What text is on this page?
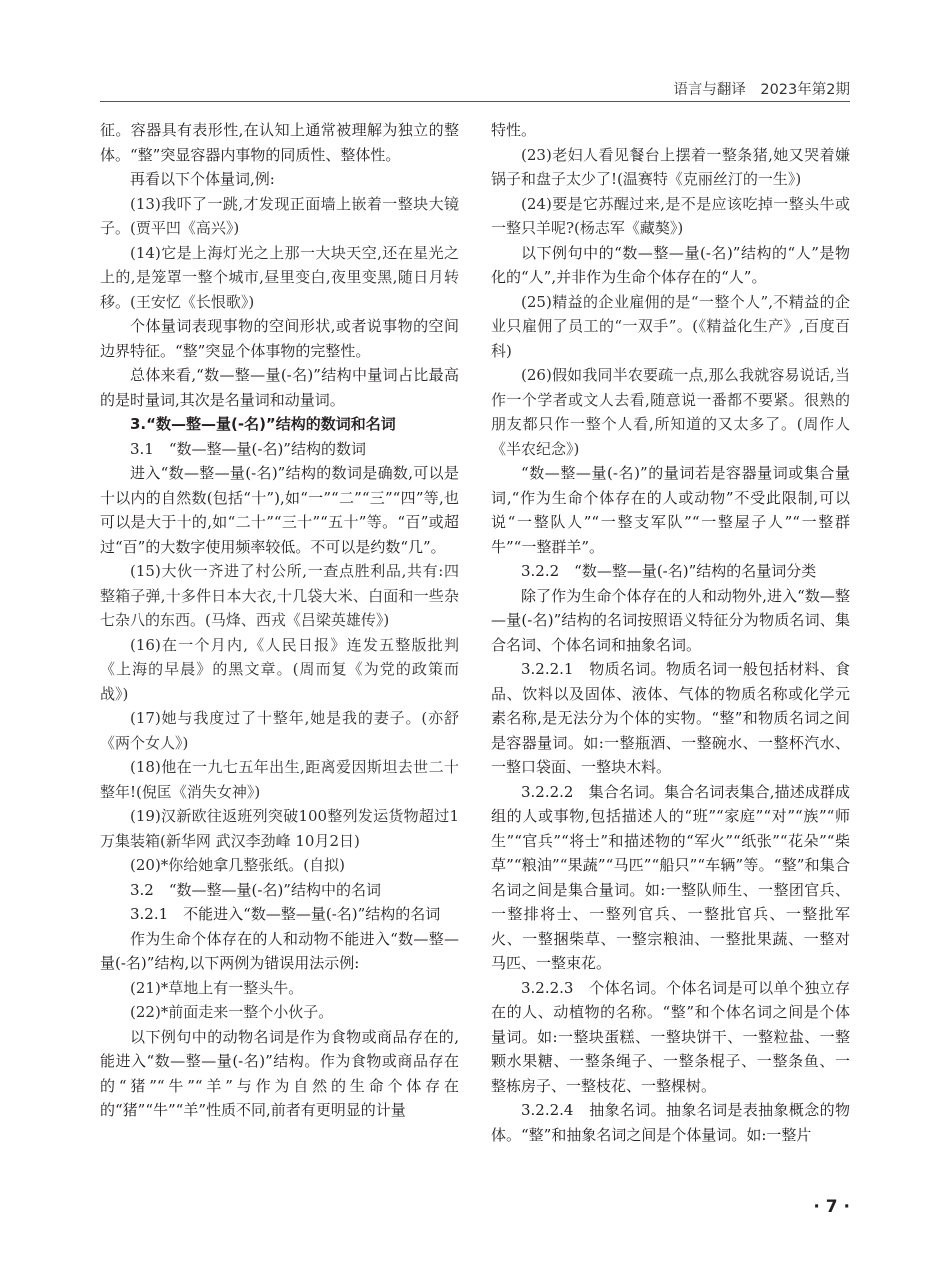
语言与翻译　2023年第2期

征。容器具有表形性,在认知上通常被理解为独立的整体。“整”突显容器内事物的同质性、整体性。

再看以下个体量词,例:

(13)我吓了一跳,才发现正面墙上嵌着一整块大镜子。(贾平凹《高兴》)

(14)它是上海灯光之上那一大块天空,还在星光之上的,是笼罩一整个城市,昼里变白,夜里变黑,随日月转移。(王安忆《长恨歌》)

个体量词表现事物的空间形状,或者说事物的空间边界特征。“整”突显个体事物的完整性。

总体来看,“数—整—量(-名)”结构中量词占比最高的是时量词,其次是名量词和动量词。

3.“数—整—量(-名)”结构的数词和名词

3.1　“数—整—量(-名)”结构的数词

进入“数—整—量(-名)”结构的数词是确数,可以是十以内的自然数(包括“十”),如“一”“二”“三”“四”等,也可以是大于十的,如“二十”“三十”“五十”等。“百”或超过“百”的大数字使用频率较低。不可以是约数“几”。

(15)大伙一齐进了村公所,一查点胜利品,共有:四整箱子弹,十多件日本大衣,十几袋大米、白面和一些杂七杂八的东西。(马烽、西戎《吕梁英雄传》)

(16)在一个月内,《人民日报》连发五整版批判《上海的早晨》的黑文章。(周而复《为党的政策而战》)

(17)她与我度过了十整年,她是我的妻子。(亦舒《两个女人》)

(18)他在一九七五年出生,距离爱因斯坦去世二十整年!(倪匡《消失女神》)

(19)汉新欧往返班列突破100整列发运货物超过1万集装箱(新华网 武汉李劲峰 10月2日)

(20)*你给她拿几整张纸。(自拟)

3.2　“数—整—量(-名)”结构中的名词

3.2.1　不能进入“数—整—量(-名)”结构的名词

作为生命个体存在的人和动物不能进入“数—整—量(-名)”结构,以下两例为错误用法示例:

(21)*草地上有一整头牛。

(22)*前面走来一整个小伙子。

以下例句中的动物名词是作为食物或商品存在的,能进入“数—整—量(-名)”结构。作为食物或商品存在的“猪”“牛”“羊”与作为自然的生命个体存在的“猪”“牛”“羊”性质不同,前者有更明显的计量

特性。

(23)老妇人看见餐台上摆着一整条猪,她又哭着嫌锅子和盘子太少了!(温赛特《克丽丝汀的一生》)

(24)要是它苏醒过来,是不是应该吃掉一整头牛或一整只羊呢?(杨志军《藏獒》)

以下例句中的“数—整—量(-名)”结构的“人”是物化的“人”,并非作为生命个体存在的“人”。

(25)精益的企业雇佣的是“一整个人”,不精益的企业只雇佣了员工的“一双手”。(《精益化生产》,百度百科)

(26)假如我同半农要疏一点,那么我就容易说话,当作一个学者或文人去看,随意说一番都不要紧。很熟的朋友都只作一整个人看,所知道的又太多了。(周作人《半农纪念》)

“数—整—量(-名)”的量词若是容器量词或集合量词,“作为生命个体存在的人或动物”不受此限制,可以说“一整队人”“一整支军队”“一整屋子人”“一整群牛”“一整群羊”。

3.2.2　“数—整—量(-名)”结构的名量词分类

除了作为生命个体存在的人和动物外,进入“数—整—量(-名)”结构的名词按照语义特征分为物质名词、集合名词、个体名词和抽象名词。

3.2.2.1　物质名词。物质名词一般包括材料、食品、饮料以及固体、液体、气体的物质名称或化学元素名称,是无法分为个体的实物。“整”和物质名词之间是容器量词。如:一整瓶酒、一整碗水、一整杯汽水、一整口袋面、一整块木料。

3.2.2.2　集合名词。集合名词表集合,描述成群成组的人或事物,包括描述人的“班”“家庭”“对”“族”“师生”“官兵”“将士”和描述物的“军火”“纸张”“花朵”“柴草”“粮油”“果蔬”“马匹”“船只”“车辆”等。“整”和集合名词之间是集合量词。如:一整队师生、一整团官兵、一整排将士、一整列官兵、一整批官兵、一整批军火、一整捆柴草、一整宗粮油、一整批果蔬、一整对马匹、一整束花。

3.2.2.3　个体名词。个体名词是可以单个独立存在的人、动植物的名称。“整”和个体名词之间是个体量词。如:一整块蛋糕、一整块饼干、一整粒盐、一整颗水果糖、一整条绳子、一整条棍子、一整条鱼、一整栋房子、一整枝花、一整棵树。

3.2.2.4　抽象名词。抽象名词是表抽象概念的物体。“整”和抽象名词之间是个体量词。如:一整片

· 7 ·
